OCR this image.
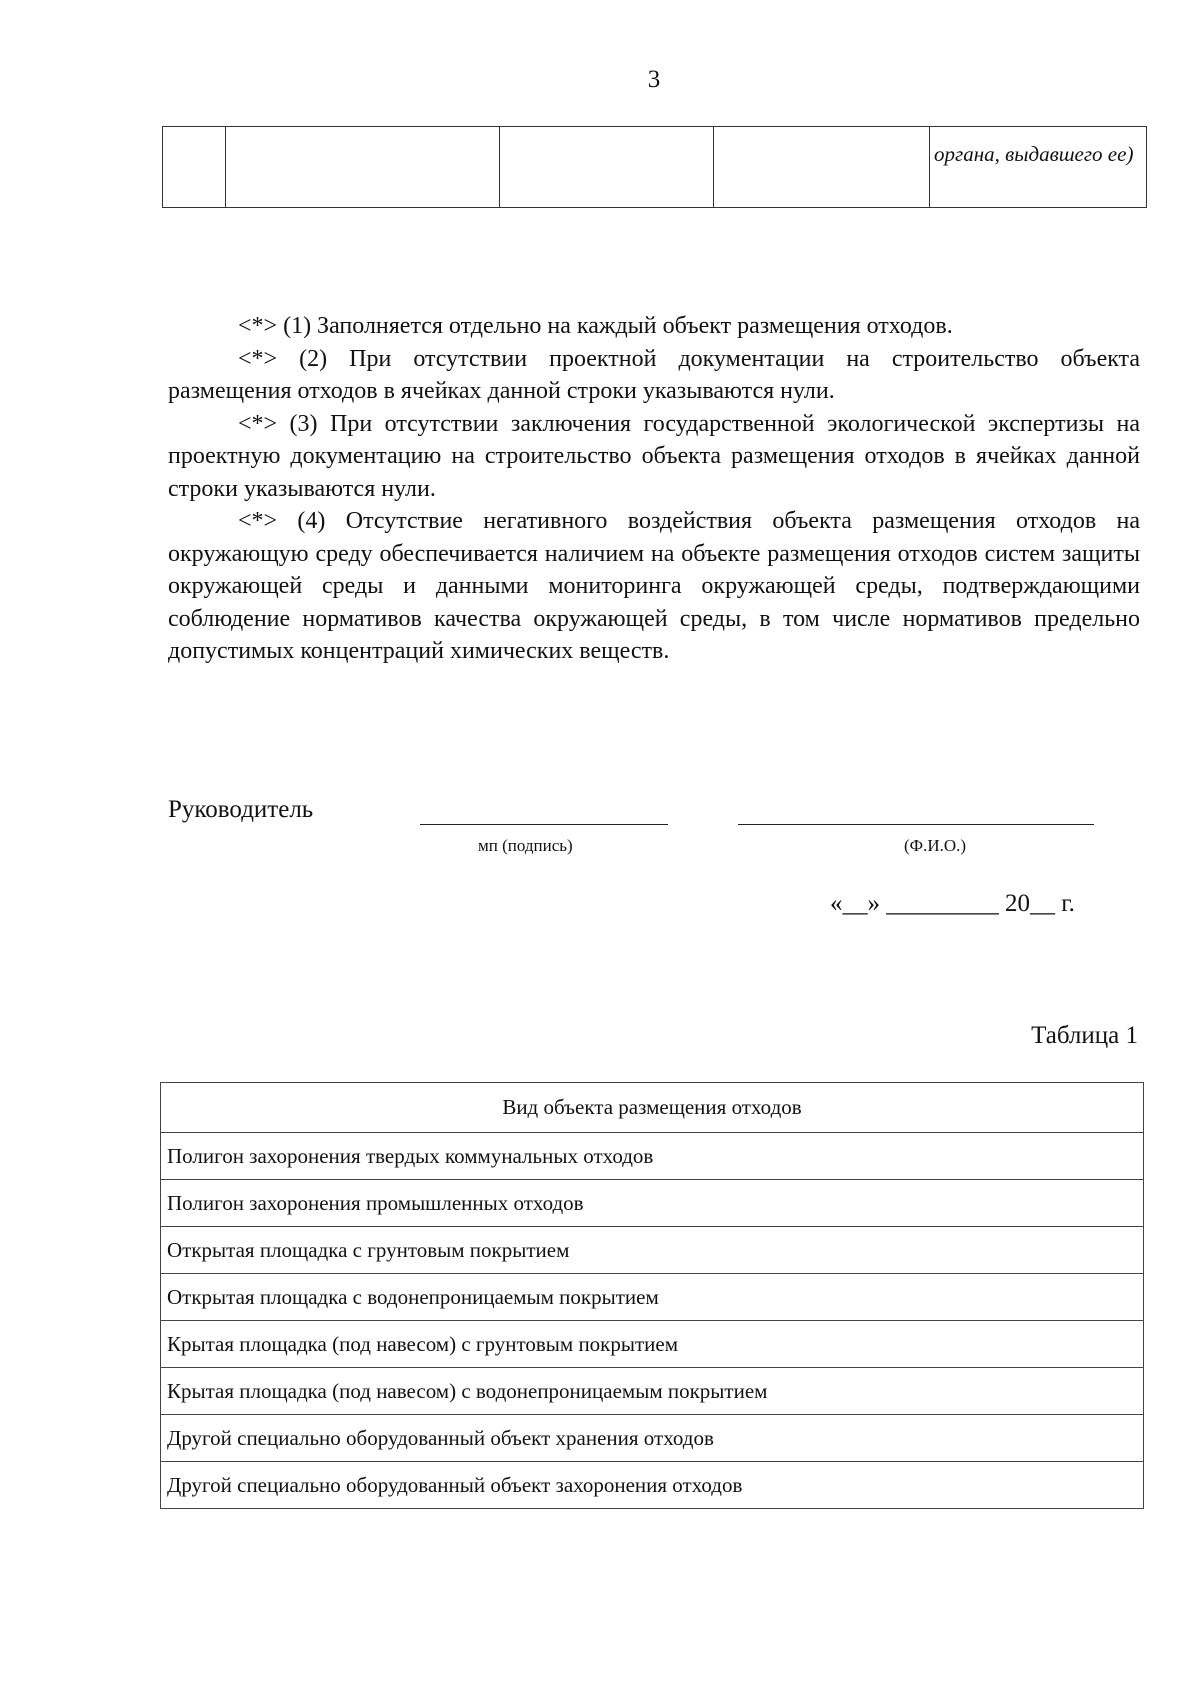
3
				органа, выдавшего ее)

<*> (1) Заполняется отдельно на каждый объект размещения отходов.

<*> (2) При отсутствии проектной документации на строительство объекта размещения отходов в ячейках данной строки указываются нули.

<*> (3) При отсутствии заключения государственной экологической экспертизы на проектную документацию на строительство объекта размещения отходов в ячейках данной строки указываются нули.

<*> (4) Отсутствие негативного воздействия объекта размещения отходов на окружающую среду обеспечивается наличием на объекте размещения отходов систем защиты окружающей среды и данными мониторинга окружающей среды, подтверждающими соблюдение нормативов качества окружающей среды, в том числе нормативов предельно допустимых концентраций химических веществ.

Руководитель
мп (подпись)	(Ф.И.О.)
«__» _________ 20__ г.
Таблица 1
Вид объекта размещения отходов
Полигон захоронения твердых коммунальных отходов
Полигон захоронения промышленных отходов
Открытая площадка с грунтовым покрытием
Открытая площадка с водонепроницаемым покрытием
Крытая площадка (под навесом) с грунтовым покрытием
Крытая площадка (под навесом) с водонепроницаемым покрытием
Другой специально оборудованный объект хранения отходов
Другой специально оборудованный объект захоронения отходов
